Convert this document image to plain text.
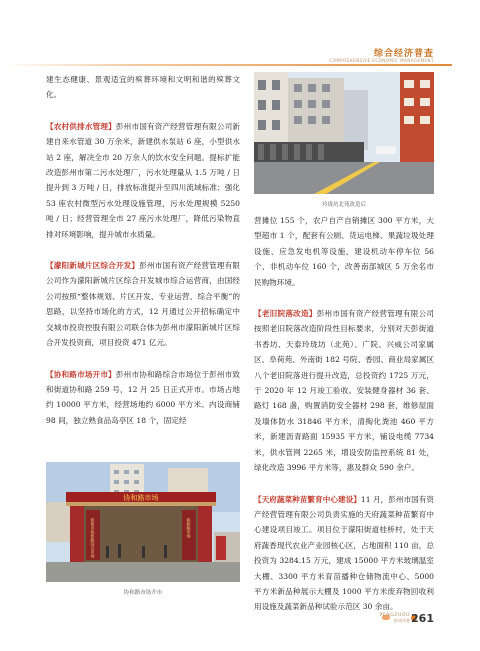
综合经济普查
COMPREHENSIVE ECONOMIC MANAGEMENT

建生态健康、景观适宜的殡葬环境和文明和谐的殡葬文化。

【农村供排水管理】彭州市国有资产经营管理有限公司新建自来水管道 30 万余米，新建供水泵站 6 座，小型供水站 2 座，解决全市 20 万余人的饮水安全问题。提标扩能改造彭州市第二污水处理厂，污水处理量从 1.5 万吨 / 日提升到 3 万吨 / 日，排放标准提升至四川流域标准；强化 53 座农村微型污水处理设施管理，污水处理规模 5250 吨 / 日；经营管理全市 27 座污水处理厂，降低污染物直排对环境影响，提升城市水质量。

【濛阳新城片区综合开发】彭州市国有资产经营管理有限公司作为濛阳新城片区综合开发城市综合运营商，由国经公司按照“整体规划、片区开发、专业运营、综合平衡”的思路，以坚持市场化的方式，12 月通过公开招标确定中交城市投资控股有限公司联合体为彭州市濛阳新城片区综合开发投资商，项目投资 471 亿元。

【协和路市场开市】彭州市协和路综合市场位于彭州市致和街道协和路 259 号，12 月 25 日正式开市。市场占地约 10000 平方米，经营场地约 6000 平方米。内设商铺 98 间，独立熟食品岛亭区 18 个，固定经

协和路市场
彭州市协和路综合市场	协和路市场
协和路市场开市
玲珑坊北苑改造后

营摊位 155 个，农户自产自销摊区 300 平方米，大型超市 1 个，配套有公厕、货运电梯、果蔬垃圾处理设施、应急发电机等设施，建设机动车停车位 56 个，非机动车位 160 个，改善南部城区 5 万余名市民购物环境。

【老旧院落改造】彭州市国有资产经营管理有限公司按照老旧院落改造阶段性目标要求，分别对天彭街道书香坊、天泰玲珑坊（北苑）、广院、兴威公司家属区、阜荷苑、外南街 182 号院、香园、商业局家属区八个老旧院落进行提升改造，总投资约 1725 万元，于 2020 年 12 月竣工验收。安装健身器材 36 套、路灯 168 盏，购置消防安全器材 298 套，维修屋面及墙体防水 31846 平方米，清掏化粪池 460 平方米，新建沥青路面 15935 平方米，铺设电缆 7734 米，供水管网 2265 米，增设安防监控系统 81 处，绿化改造 3996 平方米等，惠及群众 590 余户。

【天府蔬菜种苗繁育中心建设】11 月，彭州市国有资产经营管理有限公司负责实施的天府蔬菜种苗繁育中心建设项目竣工。项目位于濛阳街道桂桥村，处于天府蔬香现代农业产业园核心区，占地面积 110 亩，总投资为 3284.15 万元，建成 15000 平方米玻璃温室大棚、3300 平方米育苗播种仓储物流中心、5000 平方米新品种展示大棚及 1000 平方米废弃物回收利用设施及蔬菜新品种试验示范区 30 余亩。

PENGZHOU
彭州年鉴 261
